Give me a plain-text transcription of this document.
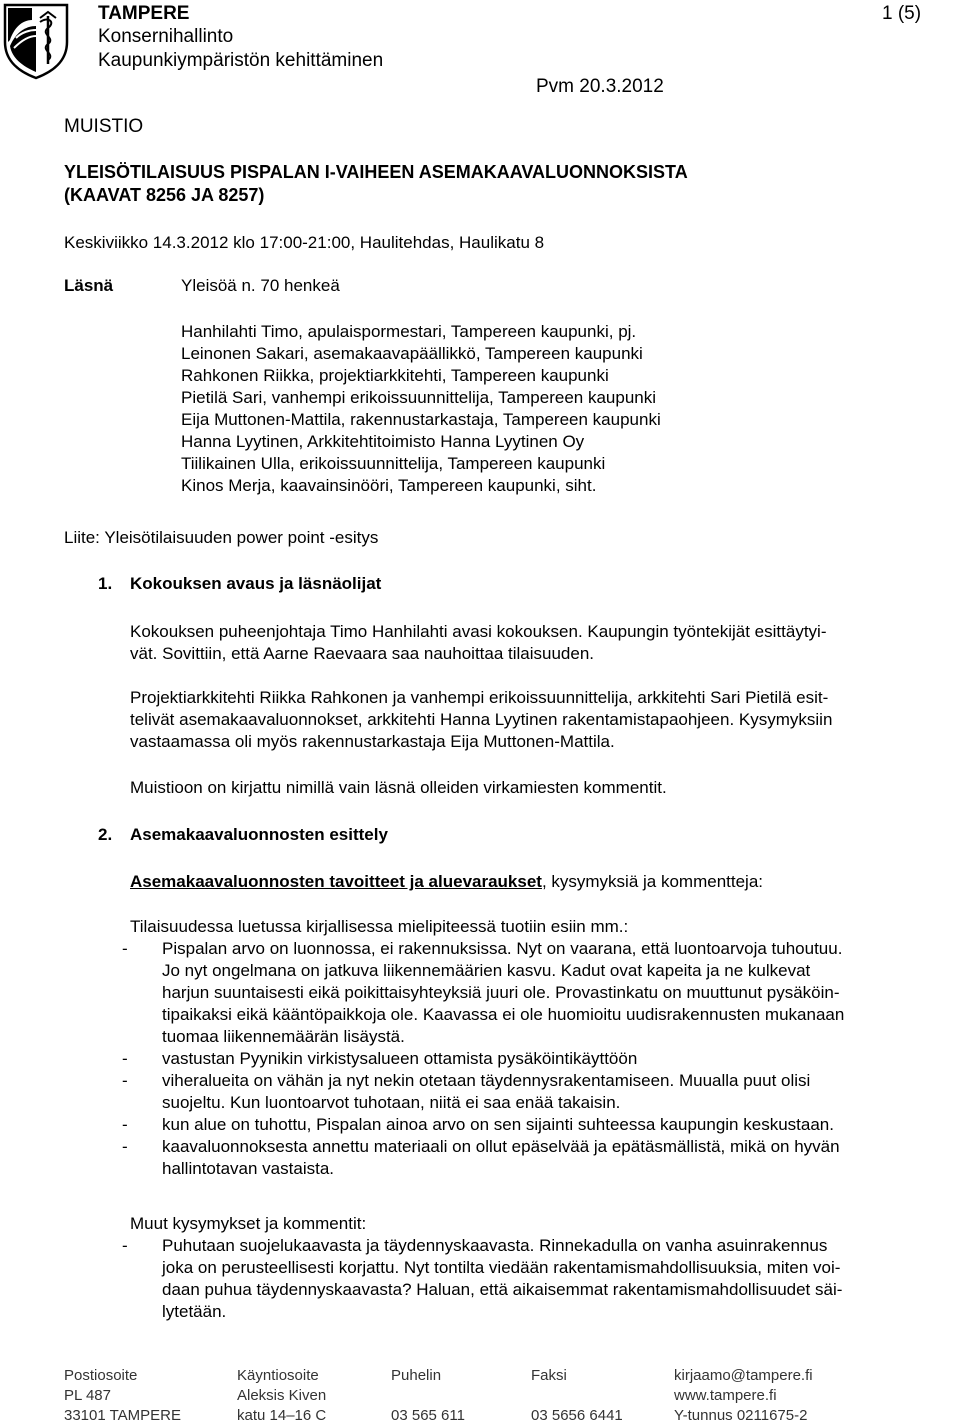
TAMPERE
Konsernihallinto
Kaupunkiympäristön kehittäminen
1 (5)
Pvm 20.3.2012
MUISTIO
YLEISÖTILAISUUS PISPALAN I-VAIHEEN ASEMAKAAVALUONNOKSISTA
(KAAVAT 8256 JA 8257)
Keskiviikko 14.3.2012 klo 17:00-21:00, Haulitehdas, Haulikatu 8
Läsnä	Yleisöä n. 70 henkeä
Hanhilahti Timo, apulaispormestari, Tampereen kaupunki, pj.
Leinonen Sakari, asemakaavapäällikkö, Tampereen kaupunki
Rahkonen Riikka, projektiarkkitehti, Tampereen kaupunki
Pietilä Sari, vanhempi erikoissuunnittelija, Tampereen kaupunki
Eija Muttonen-Mattila, rakennustarkastaja, Tampereen kaupunki
Hanna Lyytinen, Arkkitehtitoimisto Hanna Lyytinen Oy
Tiilikainen Ulla, erikoissuunnittelija, Tampereen kaupunki
Kinos Merja, kaavainsinööri, Tampereen kaupunki, siht.
Liite: Yleisötilaisuuden power point -esitys
1. Kokouksen avaus ja läsnäolijat
Kokouksen puheenjohtaja Timo Hanhilahti avasi kokouksen. Kaupungin työntekijät esittäytyi-
vät. Sovittiin, että Aarne Raevaara saa nauhoittaa tilaisuuden.
Projektiarkkitehti Riikka Rahkonen ja vanhempi erikoissuunnittelija, arkkitehti Sari Pietilä esit-
telivät asemakaavaluonnokset, arkkitehti Hanna Lyytinen rakentamistapaohjeen. Kysymyksiin
vastaamassa oli myös rakennustarkastaja Eija Muttonen-Mattila.
Muistioon on kirjattu nimillä vain läsnä olleiden virkamiesten kommentit.
2. Asemakaavaluonnosten esittely
Asemakaavaluonnosten tavoitteet ja aluevaraukset, kysymyksiä ja kommentteja:
Tilaisuudessa luetussa kirjallisessa mielipiteessä tuotiin esiin mm.:
- Pispalan arvo on luonnossa, ei rakennuksissa. Nyt on vaarana, että luontoarvoja tuhoutuu.
Jo nyt ongelmana on jatkuva liikennemäärien kasvu. Kadut ovat kapeita ja ne kulkevat
harjun suuntaisesti eikä poikittaisyhteyksiä juuri ole. Provastinkatu on muuttunut pysäköin-
tipaikaksi eikä kääntöpaikkoja ole. Kaavassa ei ole huomioitu uudisrakennusten mukanaan
tuomaa liikennemäärän lisäystä.
- vastustan Pyynikin virkistysalueen ottamista pysäköintikäyttöön
- viheralueita on vähän ja nyt nekin otetaan täydennysrakentamiseen. Muualla puut olisi
suojeltu. Kun luontoarvot tuhotaan, niitä ei saa enää takaisin.
- kun alue on tuhottu, Pispalan ainoa arvo on sen sijainti suhteessa kaupungin keskustaan.
- kaavaluonnoksesta annettu materiaali on ollut epäselvää ja epätäsmällistä, mikä on hyvän
hallintotavan vastaista.
Muut kysymykset ja kommentit:
- Puhutaan suojelukaavasta ja täydennyskaavasta. Rinnekadulla on vanha asuinrakennus
joka on perusteellisesti korjattu. Nyt tontilta viedään rakentamismahdollisuuksia, miten voi-
daan puhua täydennyskaavasta? Haluan, että aikaisemmat rakentamismahdollisuudet säi-
lytetään.
Postiosoite
PL 487
33101 TAMPERE
Käyntiosoite
Aleksis Kiven
katu 14–16 C
Puhelin
03 565 611
Faksi
03 5656 6441
kirjaamo@tampere.fi
www.tampere.fi
Y-tunnus 0211675-2
